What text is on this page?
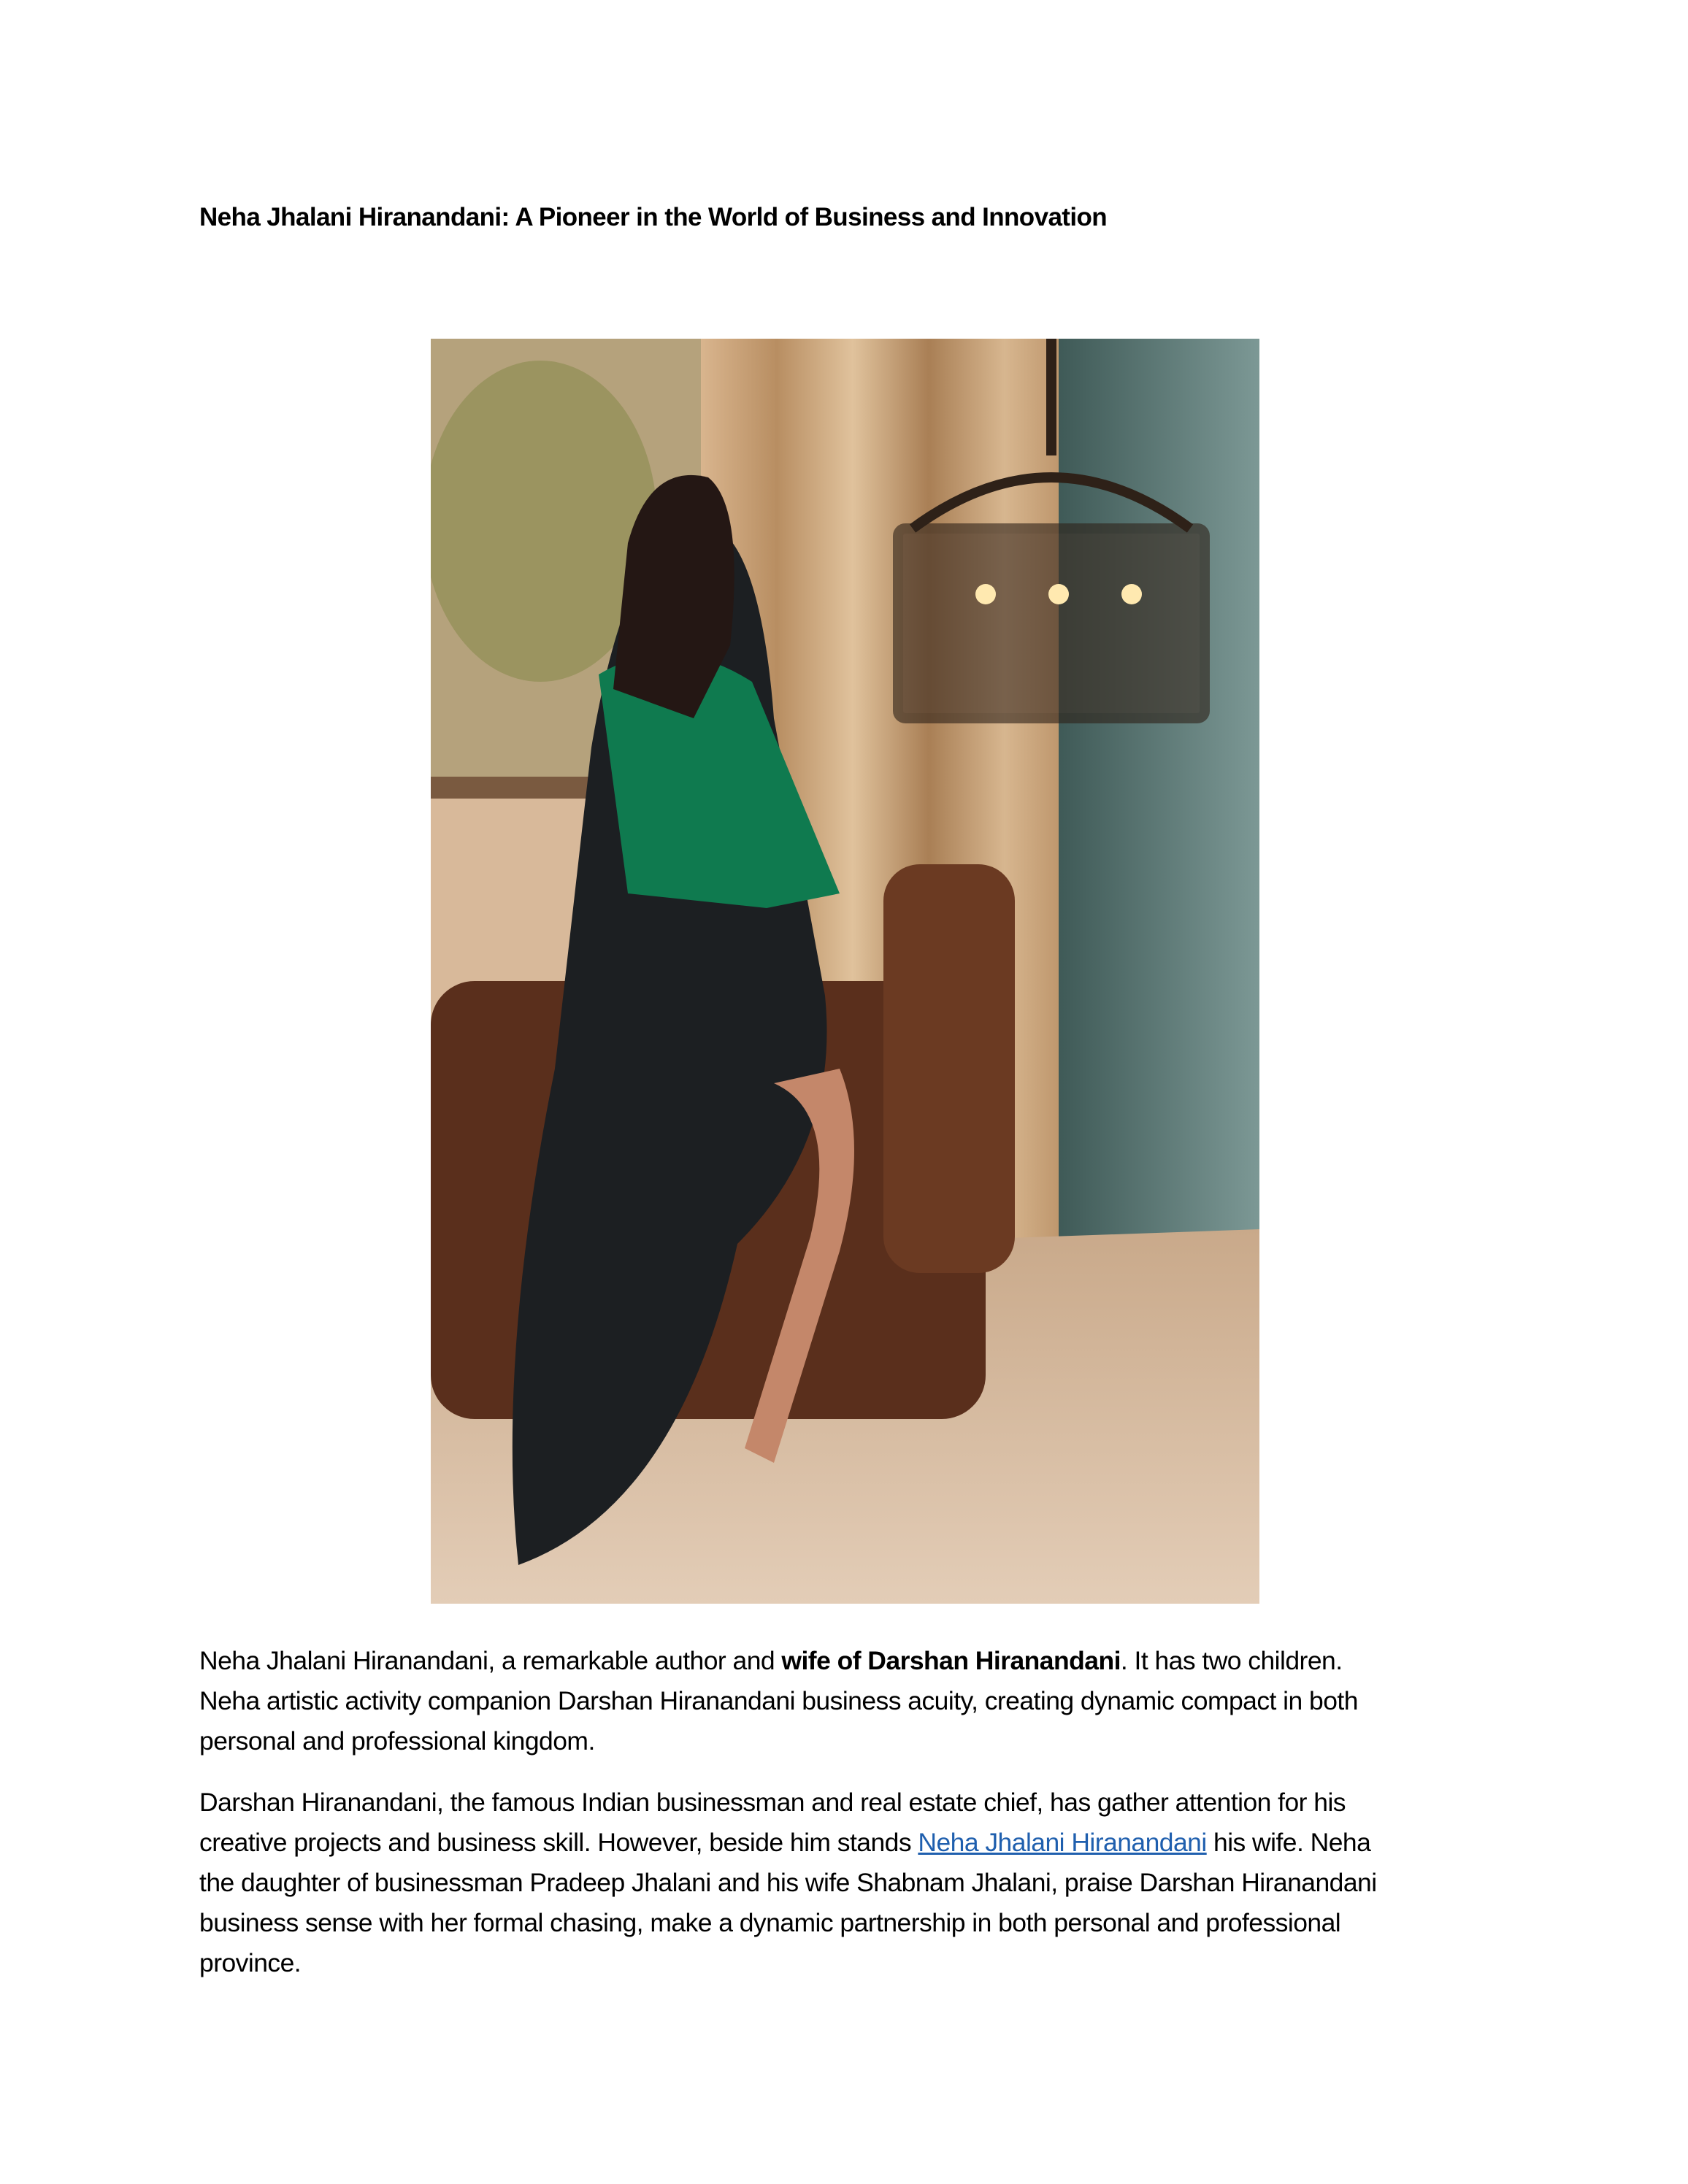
Neha Jhalani Hiranandani: A Pioneer in the World of Business and Innovation
Neha Jhalani Hiranandani, a remarkable author and wife of Darshan Hiranandani. It has two children.
Neha artistic activity companion Darshan Hiranandani business acuity, creating dynamic compact in both
personal and professional kingdom.
Darshan Hiranandani, the famous Indian businessman and real estate chief, has gather attention for his
creative projects and business skill. However, beside him stands Neha Jhalani Hiranandani his wife. Neha
the daughter of businessman Pradeep Jhalani and his wife Shabnam Jhalani, praise Darshan Hiranandani
business sense with her formal chasing, make a dynamic partnership in both personal and professional
province.
